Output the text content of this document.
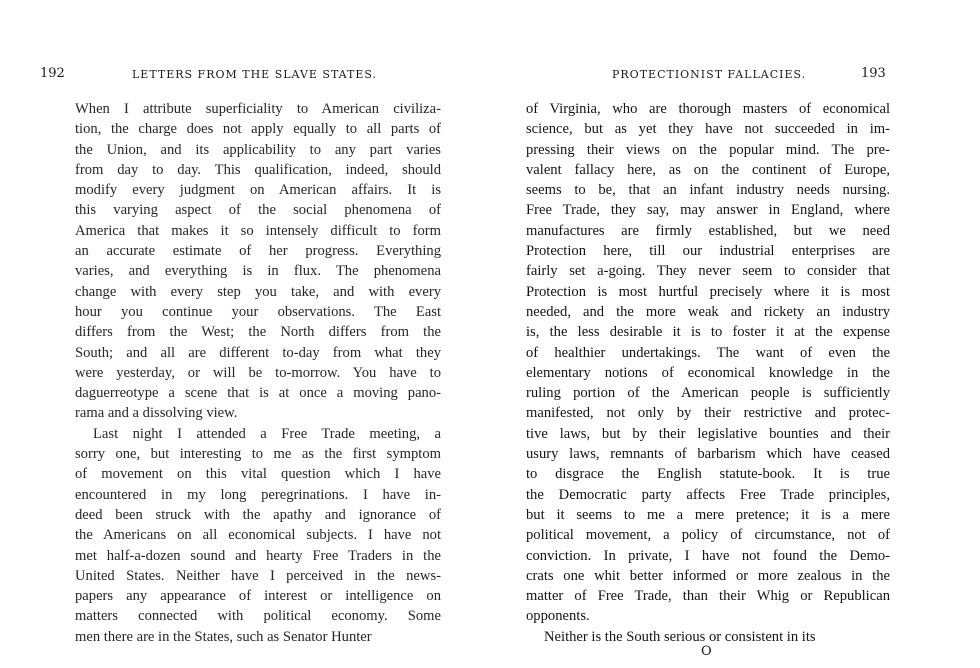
192	LETTERS FROM THE SLAVE STATES.
When I attribute superficiality to American civiliza-
tion, the charge does not apply equally to all parts of
the Union, and its applicability to any part varies
from day to day. This qualification, indeed, should
modify every judgment on American affairs. It is
this varying aspect of the social phenomena of
America that makes it so intensely difficult to form
an accurate estimate of her progress. Everything
varies, and everything is in flux. The phenomena
change with every step you take, and with every
hour you continue your observations. The East
differs from the West; the North differs from the
South; and all are different to-day from what they
were yesterday, or will be to-morrow. You have to
daguerreotype a scene that is at once a moving pano-
rama and a dissolving view.
Last night I attended a Free Trade meeting, a
sorry one, but interesting to me as the first symptom
of movement on this vital question which I have
encountered in my long peregrinations. I have in-
deed been struck with the apathy and ignorance of
the Americans on all economical subjects. I have not
met half-a-dozen sound and hearty Free Traders in the
United States. Neither have I perceived in the news-
papers any appearance of interest or intelligence on
matters connected with political economy. Some
men there are in the States, such as Senator Hunter
PROTECTIONIST FALLACIES.	193
of Virginia, who are thorough masters of economical
science, but as yet they have not succeeded in im-
pressing their views on the popular mind. The pre-
valent fallacy here, as on the continent of Europe,
seems to be, that an infant industry needs nursing.
Free Trade, they say, may answer in England, where
manufactures are firmly established, but we need
Protection here, till our industrial enterprises are
fairly set a-going. They never seem to consider that
Protection is most hurtful precisely where it is most
needed, and the more weak and rickety an industry
is, the less desirable it is to foster it at the expense
of healthier undertakings. The want of even the
elementary notions of economical knowledge in the
ruling portion of the American people is sufficiently
manifested, not only by their restrictive and protec-
tive laws, but by their legislative bounties and their
usury laws, remnants of barbarism which have ceased
to disgrace the English statute-book. It is true
the Democratic party affects Free Trade principles,
but it seems to me a mere pretence; it is a mere
political movement, a policy of circumstance, not of
conviction. In private, I have not found the Demo-
crats one whit better informed or more zealous in the
matter of Free Trade, than their Whig or Republican
opponents.
Neither is the South serious or consistent in its
O
